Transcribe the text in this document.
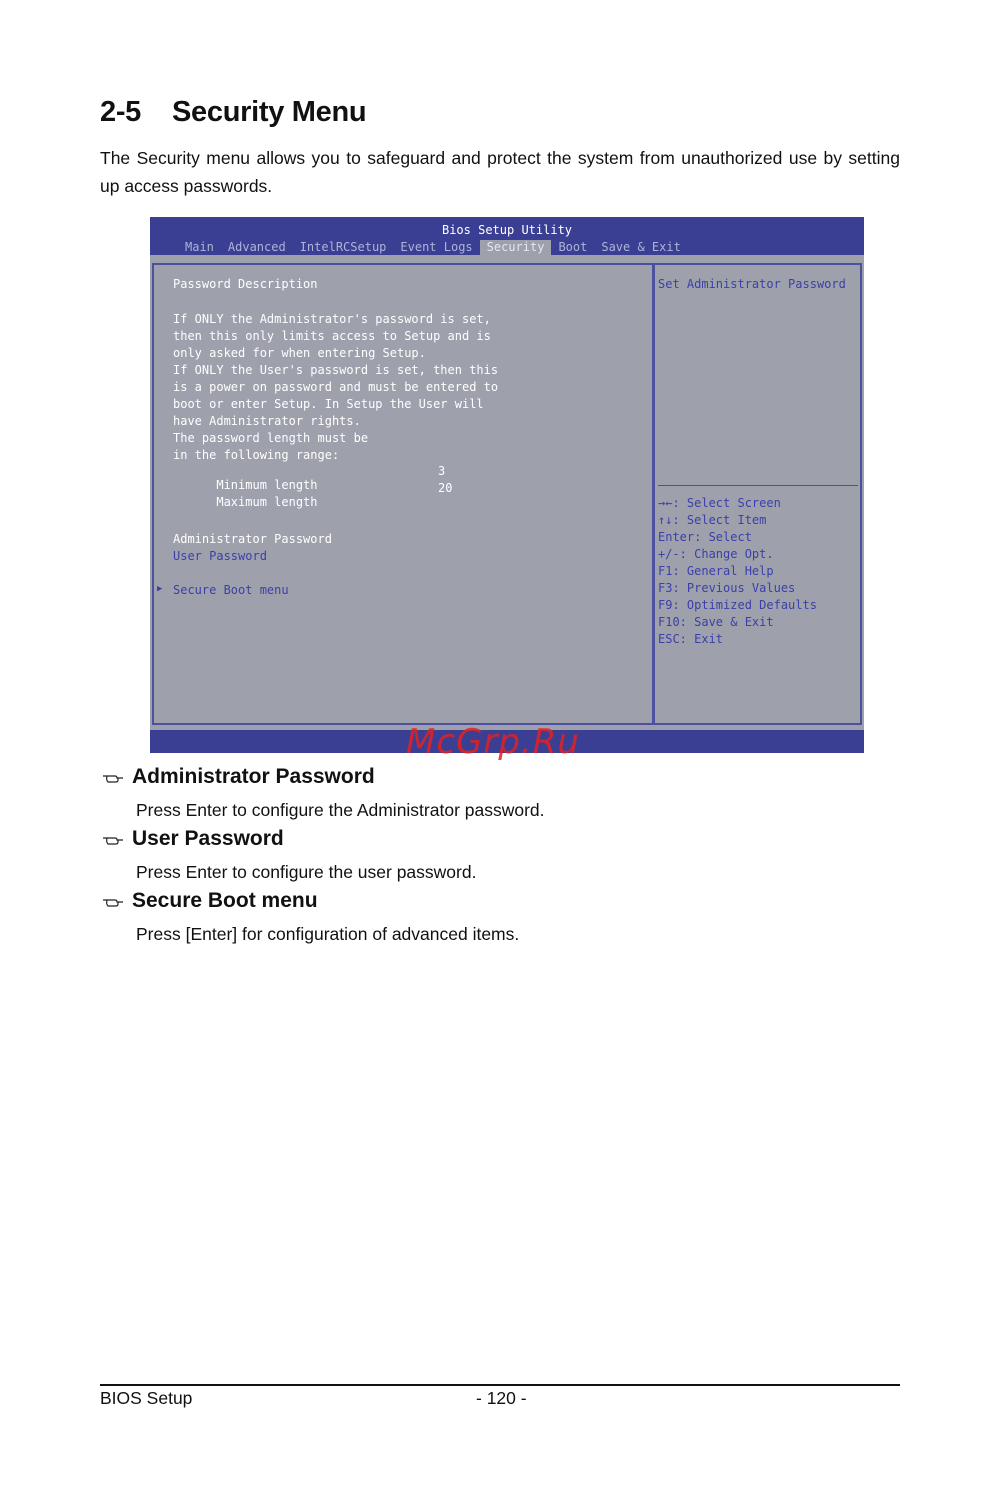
2-5 Security Menu

The Security menu allows you to safeguard and protect the system from unauthorized use by setting up access passwords.

Bios Setup Utility
Main	Advanced	IntelRCSetup	Event Logs	Security	Boot	Save & Exit
Password Description
If ONLY the Administrator's password is set,
then this only limits access to Setup and is
only asked for when entering Setup.
If ONLY the User's password is set, then this
is a power on password and must be entered to
boot or enter Setup. In Setup the User will
have Administrator rights.
The password length must be
in the following range:

Minimum length

3

Maximum length

20
Administrator Password
User Password
▶ Secure Boot menu
Set Administrator Password
→←: Select Screen
↑↓: Select Item
Enter: Select
+/-: Change Opt.
F1: General Help
F3: Previous Values
F9: Optimized Defaults
F10: Save & Exit
ESC: Exit
McGrp.Ru
Administrator Password

Press Enter to configure the Administrator password.

User Password

Press Enter to configure the user password.

Secure Boot menu

Press [Enter] for configuration of advanced items.

BIOS Setup	- 120 -
